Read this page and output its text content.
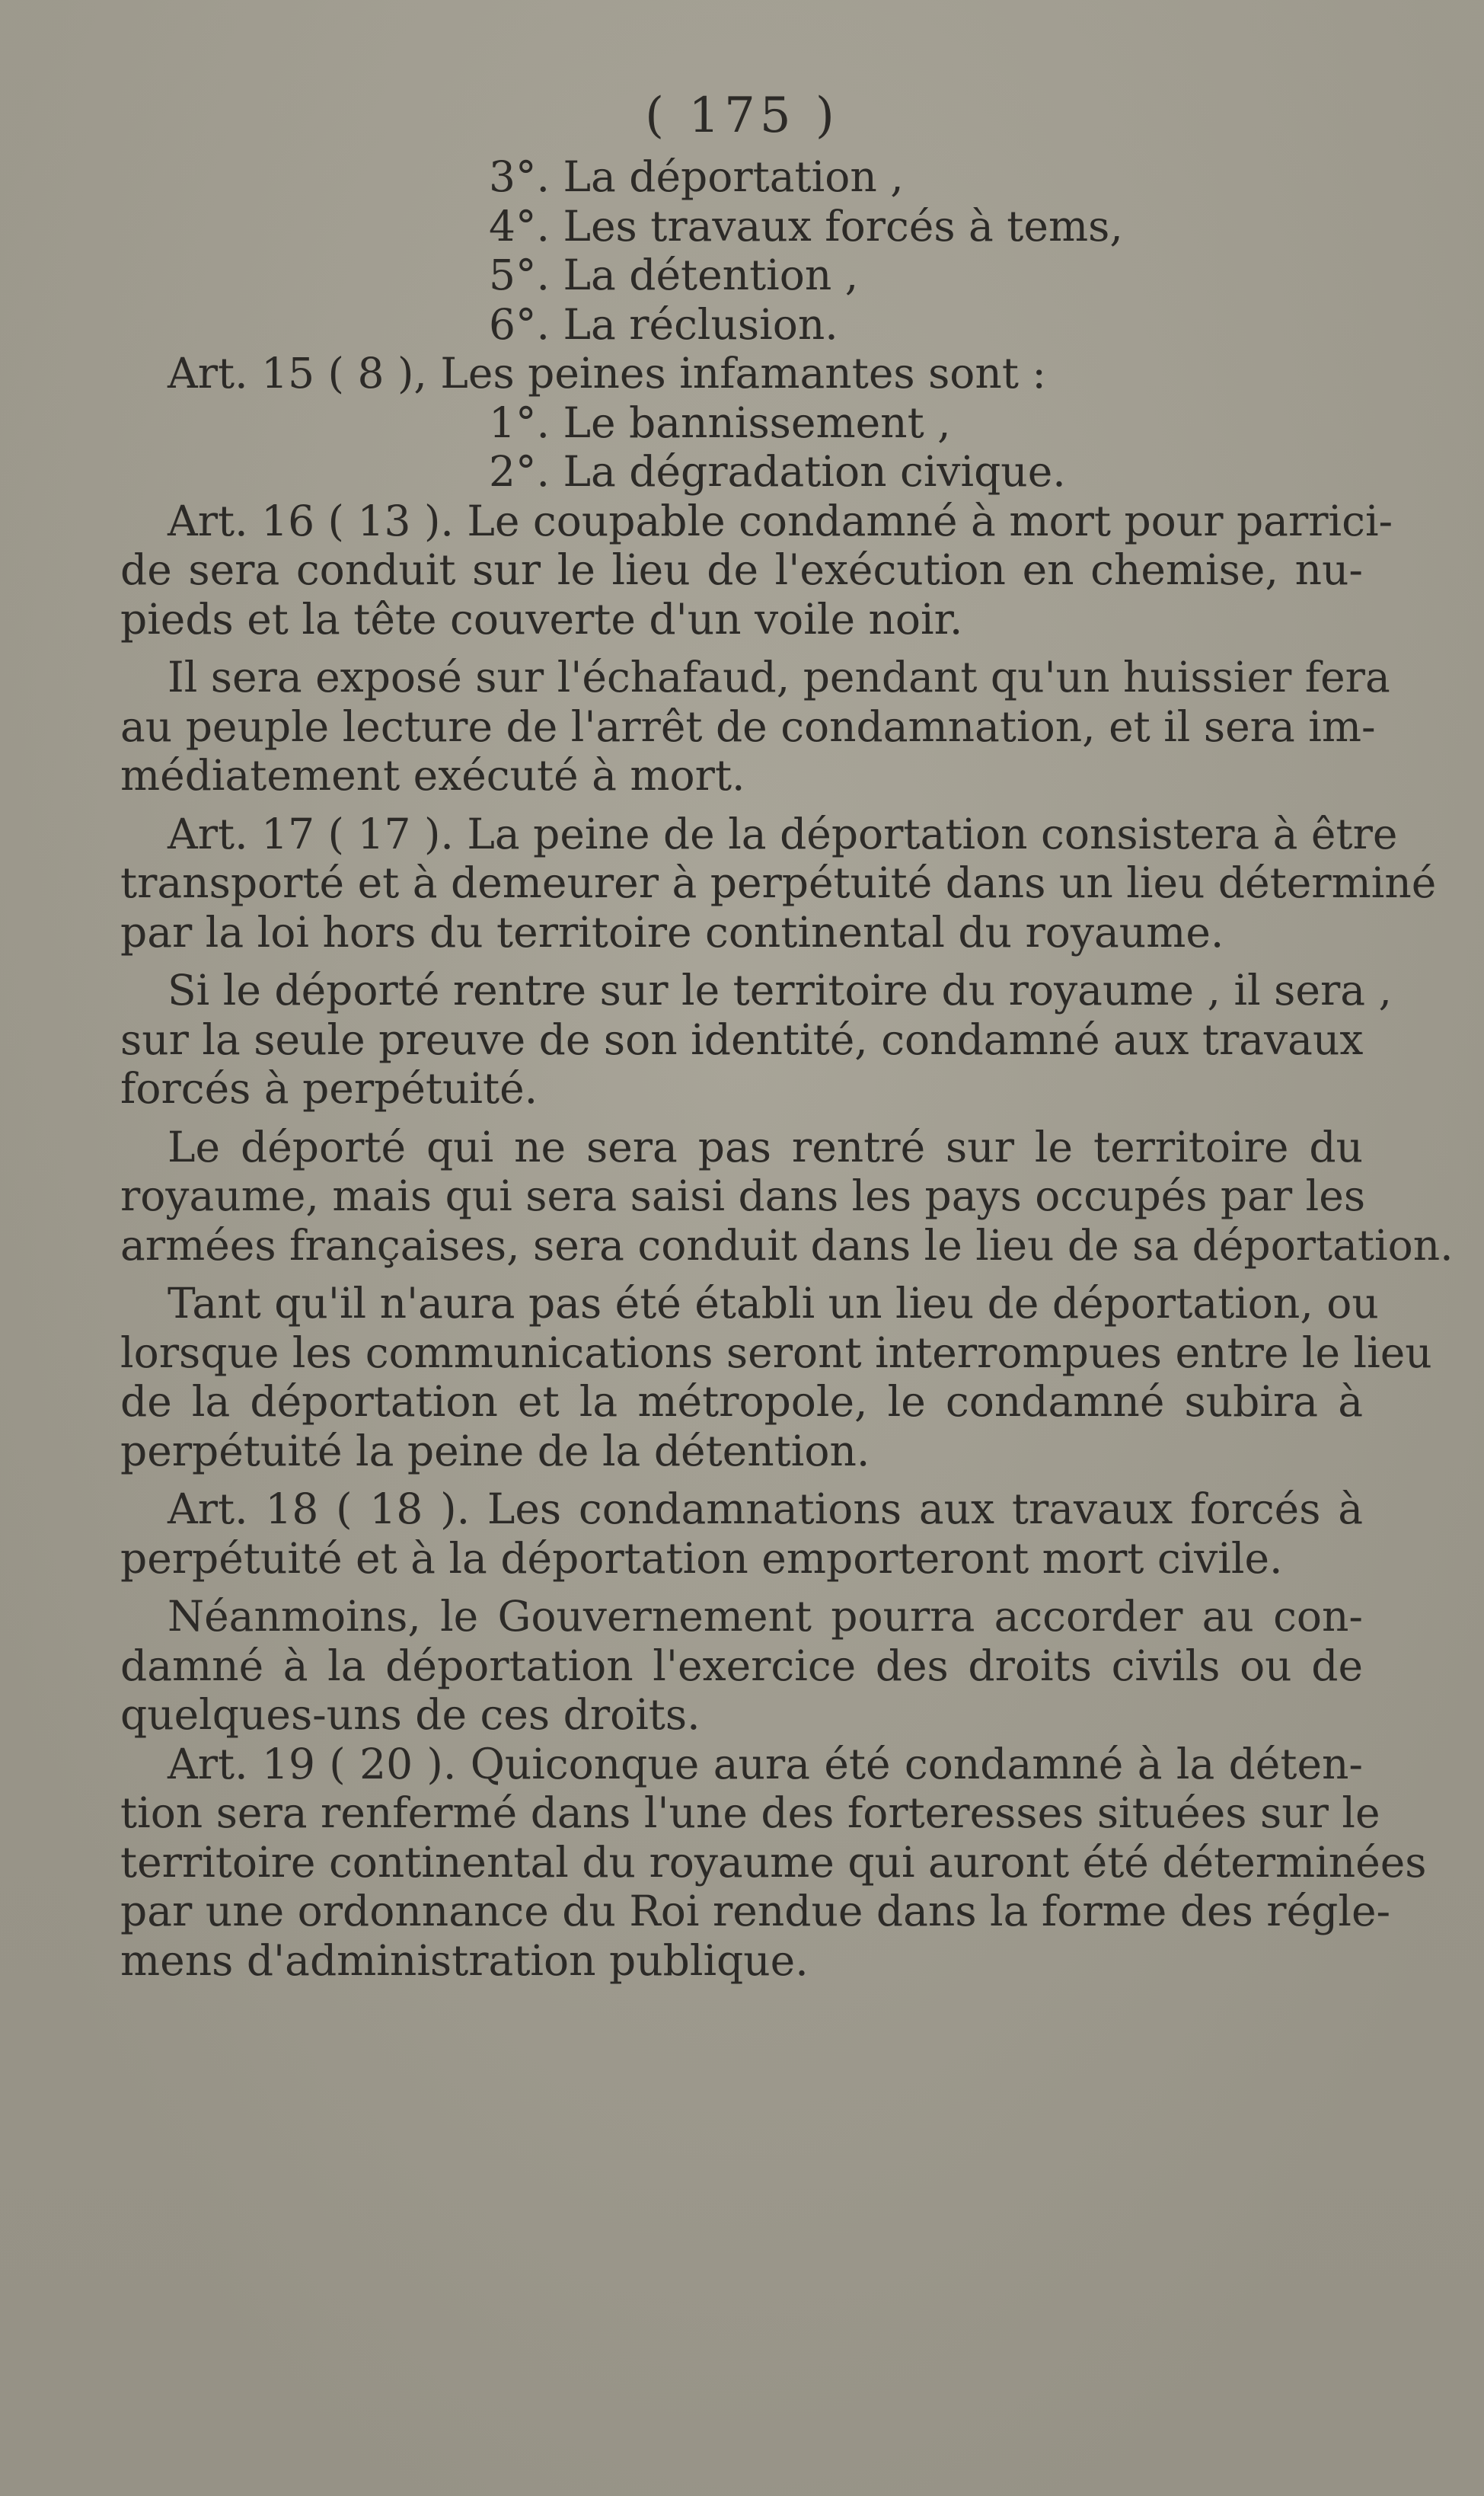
( 175 )
3°. La déportation ,
4°. Les travaux forcés à tems,
5°. La détention ,
6°. La réclusion.
Art. 15 ( 8 ), Les peines infamantes sont :
1°. Le bannissement ,
2°. La dégradation civique.
Art. 16 ( 13 ). Le coupable condamné à mort pour parrici-
de sera conduit sur le lieu de l'exécution en chemise, nu-
pieds et la tête couverte d'un voile noir.
Il sera exposé sur l'échafaud, pendant qu'un huissier fera
au peuple lecture de l'arrêt de condamnation, et il sera im-
médiatement exécuté à mort.
Art. 17 ( 17 ). La peine de la déportation consistera à être
transporté et à demeurer à perpétuité dans un lieu déterminé
par la loi hors du territoire continental du royaume.
Si le déporté rentre sur le territoire du royaume , il sera ,
sur la seule preuve de son identité, condamné aux travaux
forcés à perpétuité.
Le déporté qui ne sera pas rentré sur le territoire du
royaume, mais qui sera saisi dans les pays occupés par les
armées françaises, sera conduit dans le lieu de sa déportation.
Tant qu'il n'aura pas été établi un lieu de déportation, ou
lorsque les communications seront interrompues entre le lieu
de la déportation et la métropole, le condamné subira à
perpétuité la peine de la détention.
Art. 18 ( 18 ). Les condamnations aux travaux forcés à
perpétuité et à la déportation emporteront mort civile.
Néanmoins, le Gouvernement pourra accorder au con-
damné à la déportation l'exercice des droits civils ou de
quelques-uns de ces droits.
Art. 19 ( 20 ). Quiconque aura été condamné à la déten-
tion sera renfermé dans l'une des forteresses situées sur le
territoire continental du royaume qui auront été déterminées
par une ordonnance du Roi rendue dans la forme des régle-
mens d'administration publique.
